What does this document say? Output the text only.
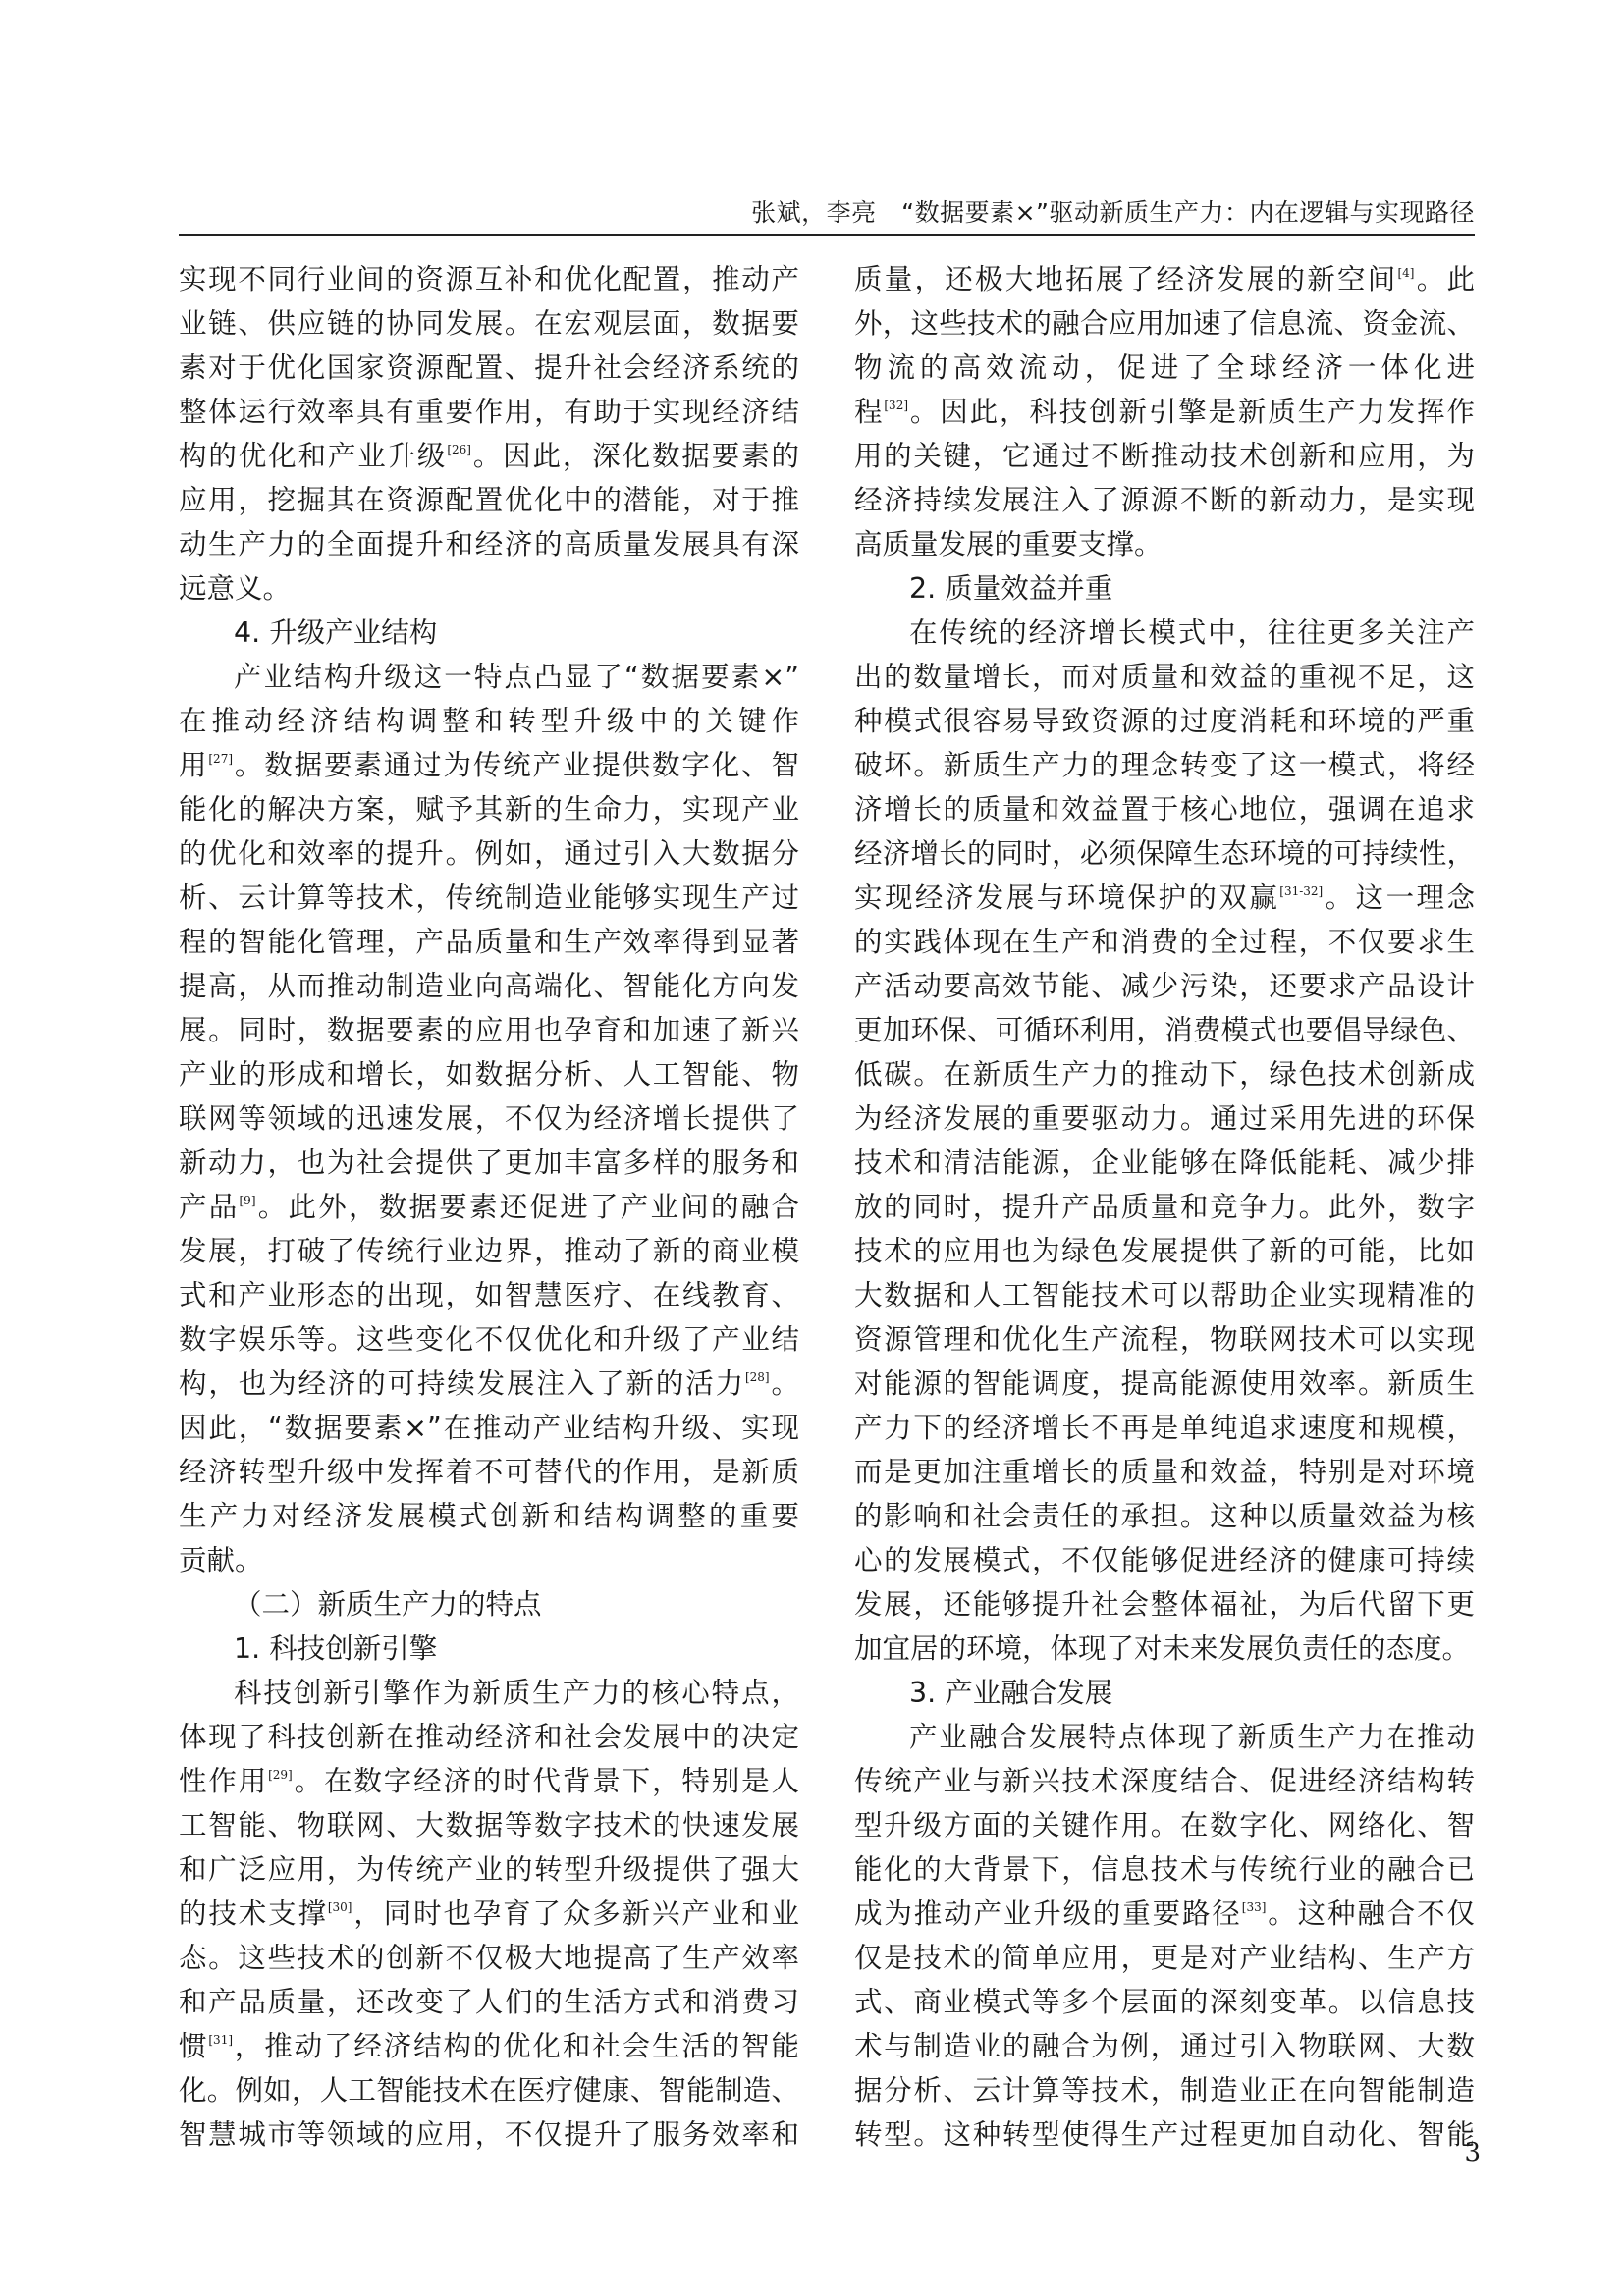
张斌，李亮　“数据要素×”驱动新质生产力：内在逻辑与实现路径
实现不同行业间的资源互补和优化配置，推动产
业链、供应链的协同发展。在宏观层面，数据要
素对于优化国家资源配置、提升社会经济系统的
整体运行效率具有重要作用，有助于实现经济结
构的优化和产业升级[26]。因此，深化数据要素的
应用，挖掘其在资源配置优化中的潜能，对于推
动生产力的全面提升和经济的高质量发展具有深
远意义。
4. 升级产业结构
产业结构升级这一特点凸显了“数据要素×”
在推动经济结构调整和转型升级中的关键作
用[27]。数据要素通过为传统产业提供数字化、智
能化的解决方案，赋予其新的生命力，实现产业
的优化和效率的提升。例如，通过引入大数据分
析、云计算等技术，传统制造业能够实现生产过
程的智能化管理，产品质量和生产效率得到显著
提高，从而推动制造业向高端化、智能化方向发
展。同时，数据要素的应用也孕育和加速了新兴
产业的形成和增长，如数据分析、人工智能、物
联网等领域的迅速发展，不仅为经济增长提供了
新动力，也为社会提供了更加丰富多样的服务和
产品[9]。此外，数据要素还促进了产业间的融合
发展，打破了传统行业边界，推动了新的商业模
式和产业形态的出现，如智慧医疗、在线教育、
数字娱乐等。这些变化不仅优化和升级了产业结
构，也为经济的可持续发展注入了新的活力[28]。
因此，“数据要素×”在推动产业结构升级、实现
经济转型升级中发挥着不可替代的作用，是新质
生产力对经济发展模式创新和结构调整的重要
贡献。
（二）新质生产力的特点
1. 科技创新引擎
科技创新引擎作为新质生产力的核心特点，
体现了科技创新在推动经济和社会发展中的决定
性作用[29]。在数字经济的时代背景下，特别是人
工智能、物联网、大数据等数字技术的快速发展
和广泛应用，为传统产业的转型升级提供了强大
的技术支撑[30]，同时也孕育了众多新兴产业和业
态。这些技术的创新不仅极大地提高了生产效率
和产品质量，还改变了人们的生活方式和消费习
惯[31]，推动了经济结构的优化和社会生活的智能
化。例如，人工智能技术在医疗健康、智能制造、
智慧城市等领域的应用，不仅提升了服务效率和
质量，还极大地拓展了经济发展的新空间[4]。此
外，这些技术的融合应用加速了信息流、资金流、
物流的高效流动，促进了全球经济一体化进
程[32]。因此，科技创新引擎是新质生产力发挥作
用的关键，它通过不断推动技术创新和应用，为
经济持续发展注入了源源不断的新动力，是实现
高质量发展的重要支撑。
2. 质量效益并重
在传统的经济增长模式中，往往更多关注产
出的数量增长，而对质量和效益的重视不足，这
种模式很容易导致资源的过度消耗和环境的严重
破坏。新质生产力的理念转变了这一模式，将经
济增长的质量和效益置于核心地位，强调在追求
经济增长的同时，必须保障生态环境的可持续性，
实现经济发展与环境保护的双赢[31-32]。这一理念
的实践体现在生产和消费的全过程，不仅要求生
产活动要高效节能、减少污染，还要求产品设计
更加环保、可循环利用，消费模式也要倡导绿色、
低碳。在新质生产力的推动下，绿色技术创新成
为经济发展的重要驱动力。通过采用先进的环保
技术和清洁能源，企业能够在降低能耗、减少排
放的同时，提升产品质量和竞争力。此外，数字
技术的应用也为绿色发展提供了新的可能，比如
大数据和人工智能技术可以帮助企业实现精准的
资源管理和优化生产流程，物联网技术可以实现
对能源的智能调度，提高能源使用效率。新质生
产力下的经济增长不再是单纯追求速度和规模，
而是更加注重增长的质量和效益，特别是对环境
的影响和社会责任的承担。这种以质量效益为核
心的发展模式，不仅能够促进经济的健康可持续
发展，还能够提升社会整体福祉，为后代留下更
加宜居的环境，体现了对未来发展负责任的态度。
3. 产业融合发展
产业融合发展特点体现了新质生产力在推动
传统产业与新兴技术深度结合、促进经济结构转
型升级方面的关键作用。在数字化、网络化、智
能化的大背景下，信息技术与传统行业的融合已
成为推动产业升级的重要路径[33]。这种融合不仅
仅是技术的简单应用，更是对产业结构、生产方
式、商业模式等多个层面的深刻变革。以信息技
术与制造业的融合为例，通过引入物联网、大数
据分析、云计算等技术，制造业正在向智能制造
转型。这种转型使得生产过程更加自动化、智能
3
